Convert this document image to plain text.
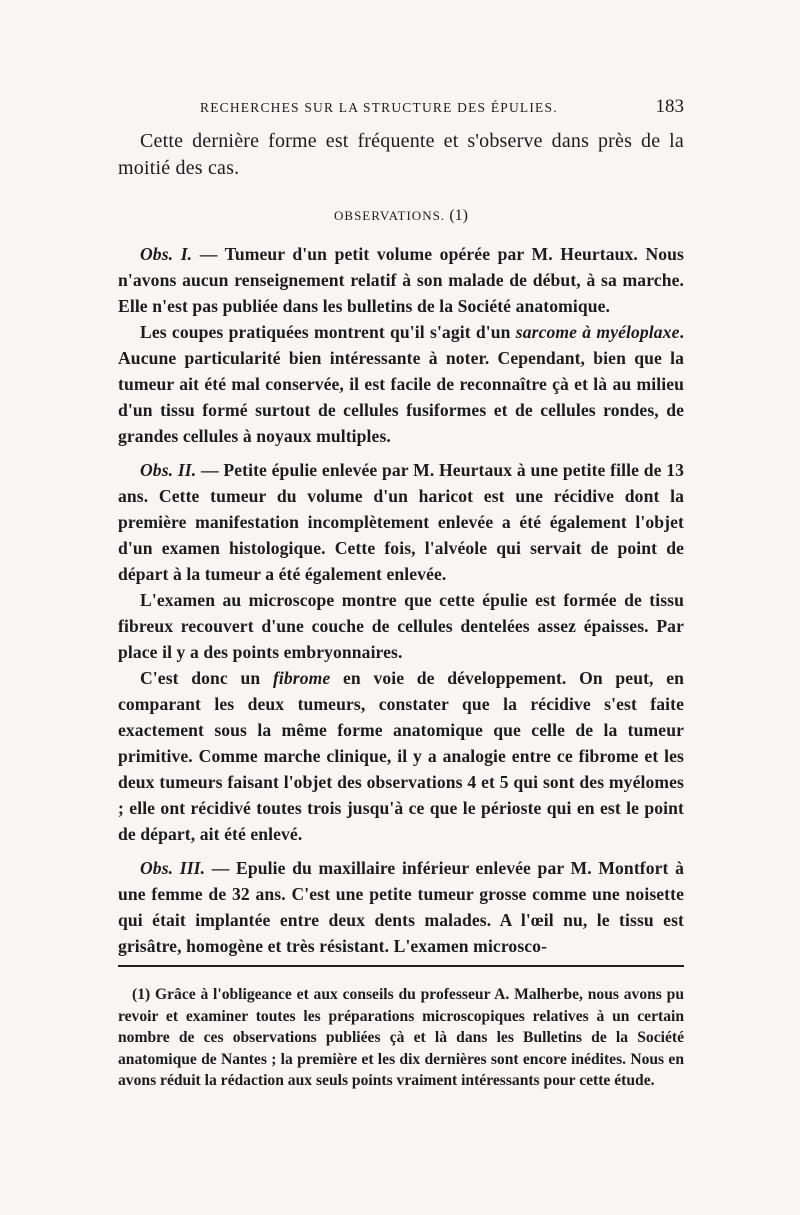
RECHERCHES SUR LA STRUCTURE DES ÉPULIES.	183

Cette dernière forme est fréquente et s'observe dans près de la moitié des cas.

OBSERVATIONS. (1)

Obs. I. — Tumeur d'un petit volume opérée par M. Heurtaux. Nous n'avons aucun renseignement relatif à son malade de début, à sa marche. Elle n'est pas publiée dans les bulletins de la Société anatomique.

Les coupes pratiquées montrent qu'il s'agit d'un sarcome à myéloplaxe. Aucune particularité bien intéressante à noter. Cependant, bien que la tumeur ait été mal conservée, il est facile de reconnaître çà et là au milieu d'un tissu formé surtout de cellules fusiformes et de cellules rondes, de grandes cellules à noyaux multiples.

Obs. II. — Petite épulie enlevée par M. Heurtaux à une petite fille de 13 ans. Cette tumeur du volume d'un haricot est une récidive dont la première manifestation incomplètement enlevée a été également l'objet d'un examen histologique. Cette fois, l'alvéole qui servait de point de départ à la tumeur a été également enlevée.

L'examen au microscope montre que cette épulie est formée de tissu fibreux recouvert d'une couche de cellules dentelées assez épaisses. Par place il y a des points embryonnaires.

C'est donc un fibrome en voie de développement. On peut, en comparant les deux tumeurs, constater que la récidive s'est faite exactement sous la même forme anatomique que celle de la tumeur primitive. Comme marche clinique, il y a analogie entre ce fibrome et les deux tumeurs faisant l'objet des observations 4 et 5 qui sont des myélomes ; elle ont récidivé toutes trois jusqu'à ce que le périoste qui en est le point de départ, ait été enlevé.

Obs. III. — Epulie du maxillaire inférieur enlevée par M. Montfort à une femme de 32 ans. C'est une petite tumeur grosse comme une noisette qui était implantée entre deux dents malades. A l'œil nu, le tissu est grisâtre, homogène et très résistant. L'examen microsco-

(1) Grâce à l'obligeance et aux conseils du professeur A. Malherbe, nous avons pu revoir et examiner toutes les préparations microscopiques relatives à un certain nombre de ces observations publiées çà et là dans les Bulletins de la Société anatomique de Nantes ; la première et les dix dernières sont encore inédites. Nous en avons réduit la rédaction aux seuls points vraiment intéressants pour cette étude.
